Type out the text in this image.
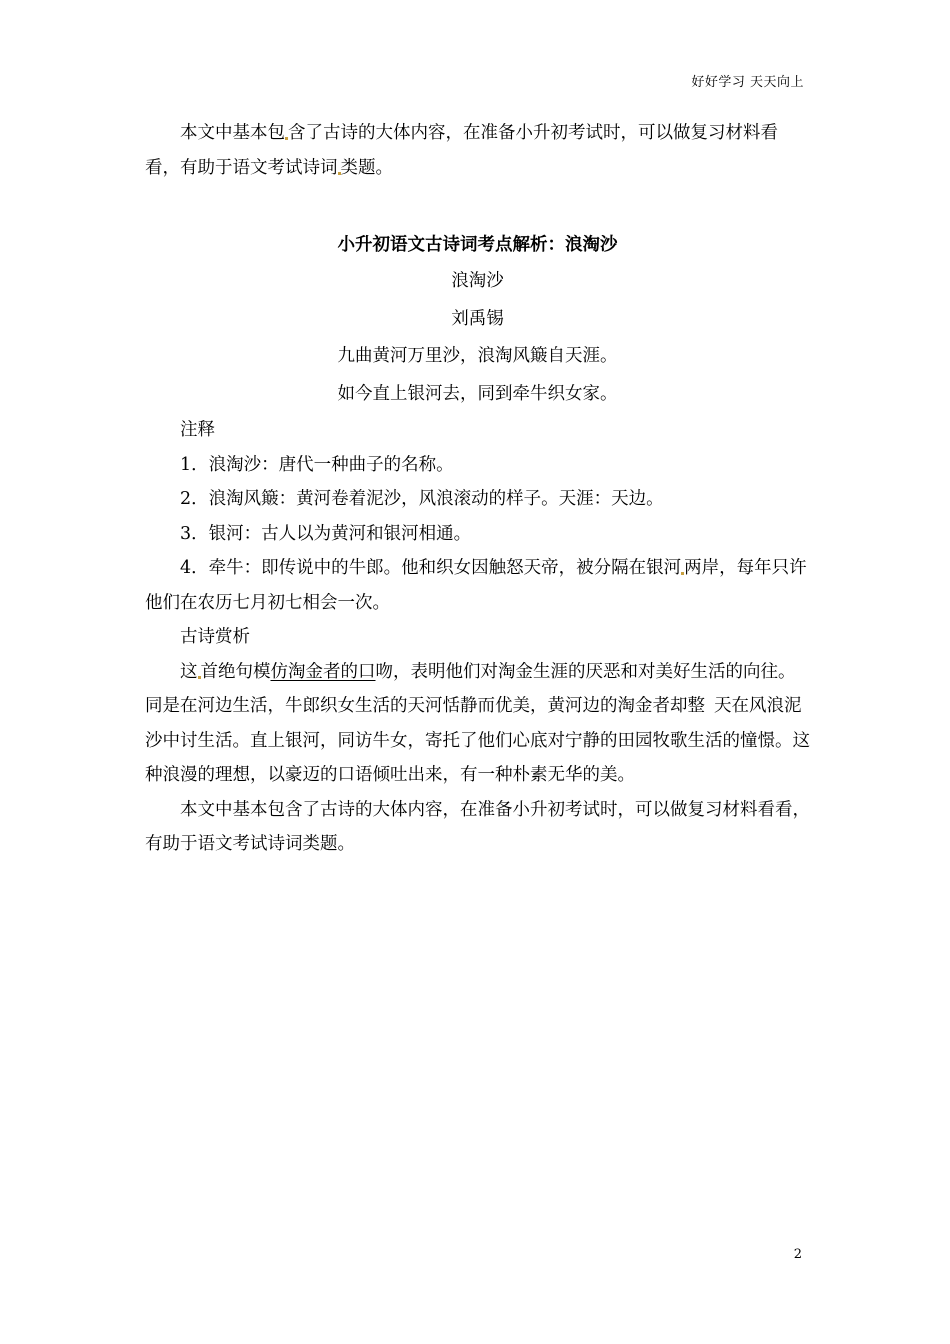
好好学习 天天向上

本文中基本包 含了古诗的大体内容，在准备小升初考试时，可以做复习材料看看，有助于语文考试诗词 类题。

小升初语文古诗词考点解析：浪淘沙

浪淘沙

刘禹锡

九曲黄河万里沙，浪淘风簸自天涯。

如今直上银河去，同到牵牛织女家。

注释

1．浪淘沙：唐代一种曲子的名称。

2．浪淘风簸：黄河卷着泥沙，风浪滚动的样子。天涯：天边。

3．银河：古人以为黄河和银河相通。

4．牵牛：即传说中的牛郎。他和织女因触怒天帝，被分隔在银河 两岸，每年只许他们在农历七月初七相会一次。

古诗赏析

这 首绝句模仿淘金者的口吻，表明他们对淘金生涯的厌恶和对美好生活的向往。同是在河边生活，牛郎织女生活的天河恬静而优美，黄河边的淘金者却整 天在风浪泥沙中讨生活。直上银河，同访牛女，寄托了他们心底对宁静的田园牧歌生活的憧憬。这种浪漫的理想，以豪迈的口语倾吐出来，有一种朴素无华的美。

本文中基本包含了古诗的大体内容，在准备小升初考试时，可以做复习材料看看，有助于语文考试诗词类题。

2
